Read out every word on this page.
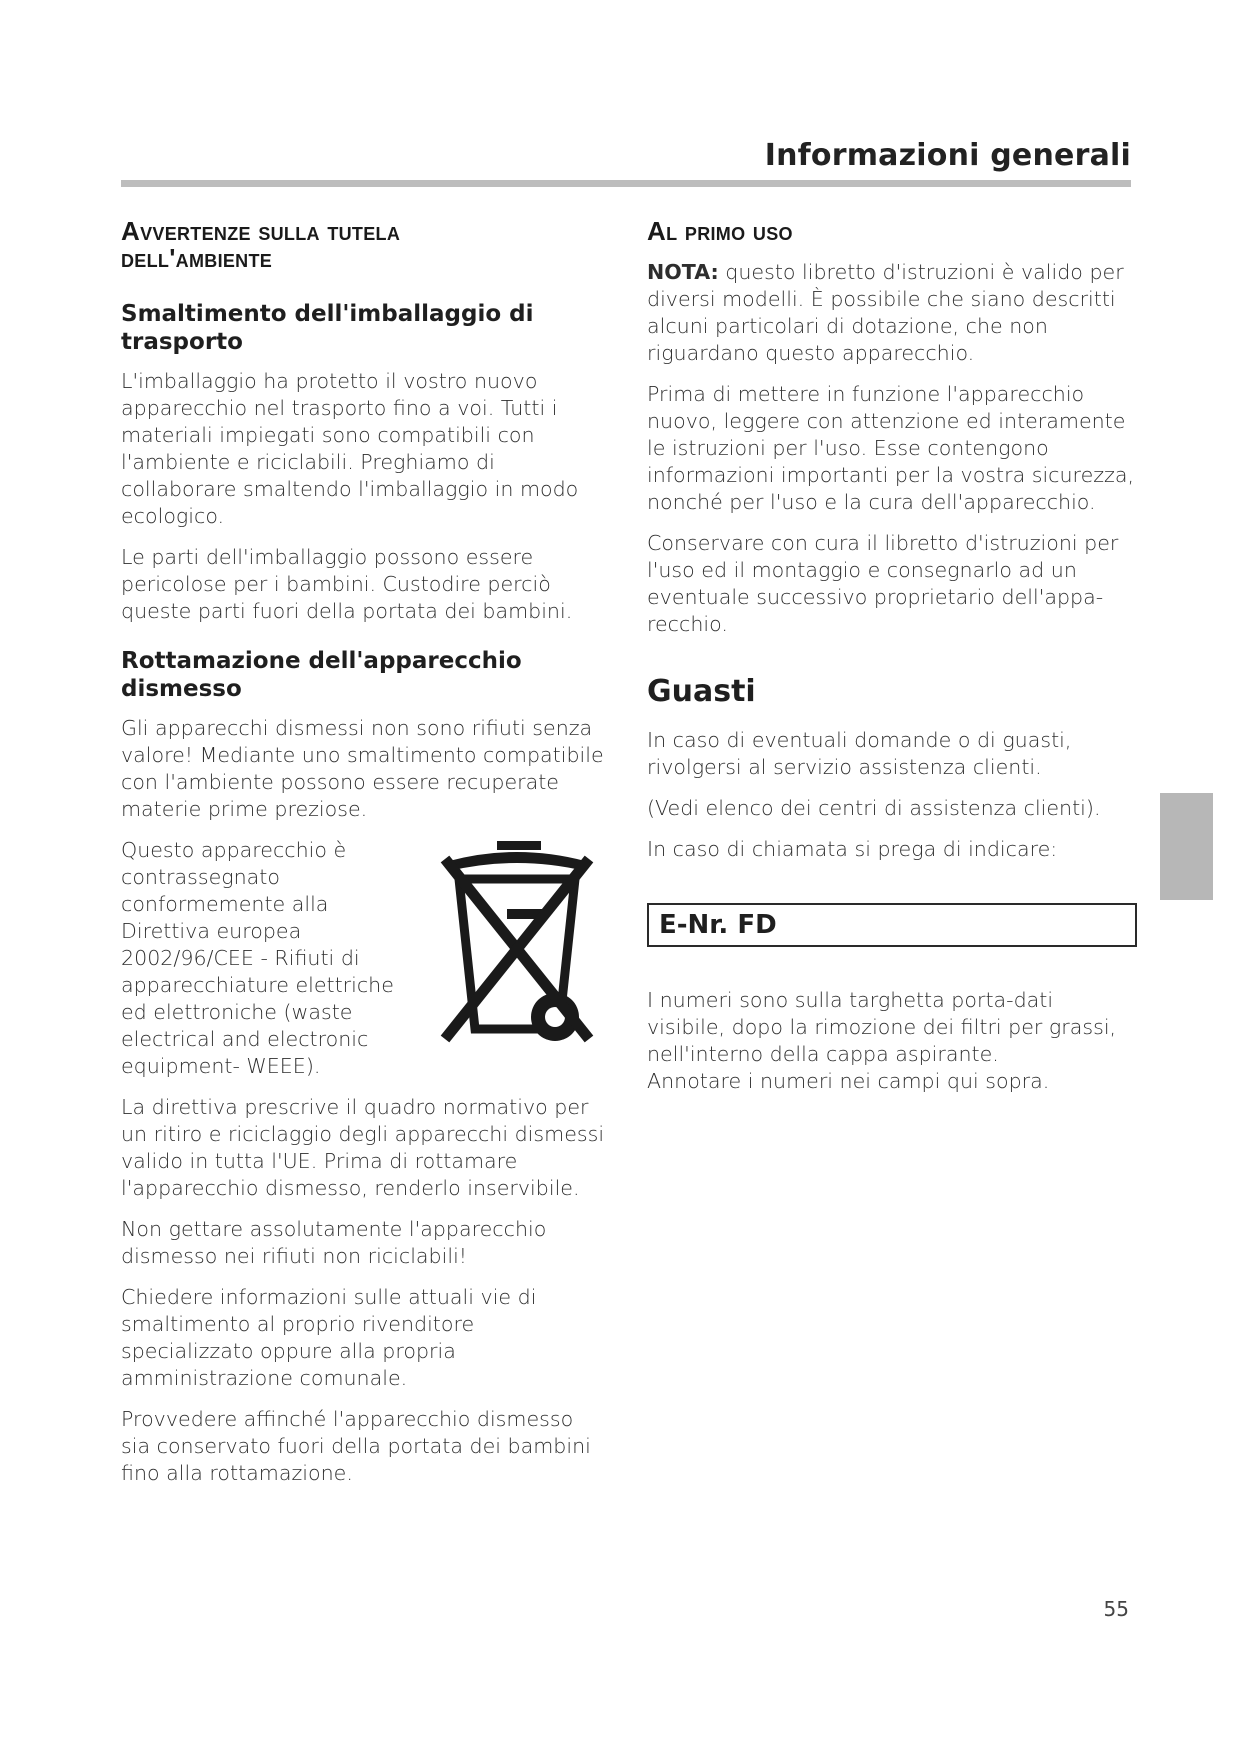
Informazioni generali
Avvertenze sulla tutela
dell'ambiente
Smaltimento dell'imballaggio di trasporto

L'imballaggio ha protetto il vostro nuovo apparecchio nel trasporto fino a voi. Tutti i materiali impiegati sono compatibili con l'ambiente e riciclabili. Preghiamo di collaborare smaltendo l'imballaggio in modo ecologico.

Le parti dell'imballaggio possono essere pericolose per i bambini. Custodire perciò queste parti fuori della portata dei bambini.

Rottamazione dell'apparecchio dismesso

Gli apparecchi dismessi non sono rifiuti senza valore! Mediante uno smaltimento compatibile con l'ambiente possono essere recuperate materie prime preziose.

Questo apparecchio è contrassegnato conformemente alla Direttiva europea 2002/96/CEE - Rifiuti di apparecchiature elettriche ed elettroniche (waste electrical and electronic equipment- WEEE).

La direttiva prescrive il quadro normativo per un ritiro e riciclaggio degli apparecchi dismessi valido in tutta l'UE. Prima di rottamare l'apparecchio dismesso, renderlo inservibile.

Non gettare assolutamente l'apparecchio dismesso nei rifiuti non riciclabili!

Chiedere informazioni sulle attuali vie di smaltimento al proprio rivenditore specializzato oppure alla propria amministrazione comunale.

Provvedere affinché l'apparecchio dismesso sia conservato fuori della portata dei bambini fino alla rottamazione.

Al primo uso

NOTA: questo libretto d'istruzioni è valido per diversi modelli. È possibile che siano descritti alcuni particolari di dotazione, che non riguardano questo apparecchio.

Prima di mettere in funzione l'apparecchio nuovo, leggere con attenzione ed interamente le istruzioni per l'uso. Esse contengono informazioni importanti per la vostra sicurezza, nonché per l'uso e la cura dell'apparecchio.

Conservare con cura il libretto d'istruzioni per l'uso ed il montaggio e consegnarlo ad un eventuale successivo proprietario dell'appa-recchio.

Guasti

In caso di eventuali domande o di guasti, rivolgersi al servizio assistenza clienti.

(Vedi elenco dei centri di assistenza clienti).

In caso di chiamata si prega di indicare:

E-Nr. FD

I numeri sono sulla targhetta porta-dati visibile, dopo la rimozione dei filtri per grassi, nell'interno della cappa aspirante.

Annotare i numeri nei campi qui sopra.

55
